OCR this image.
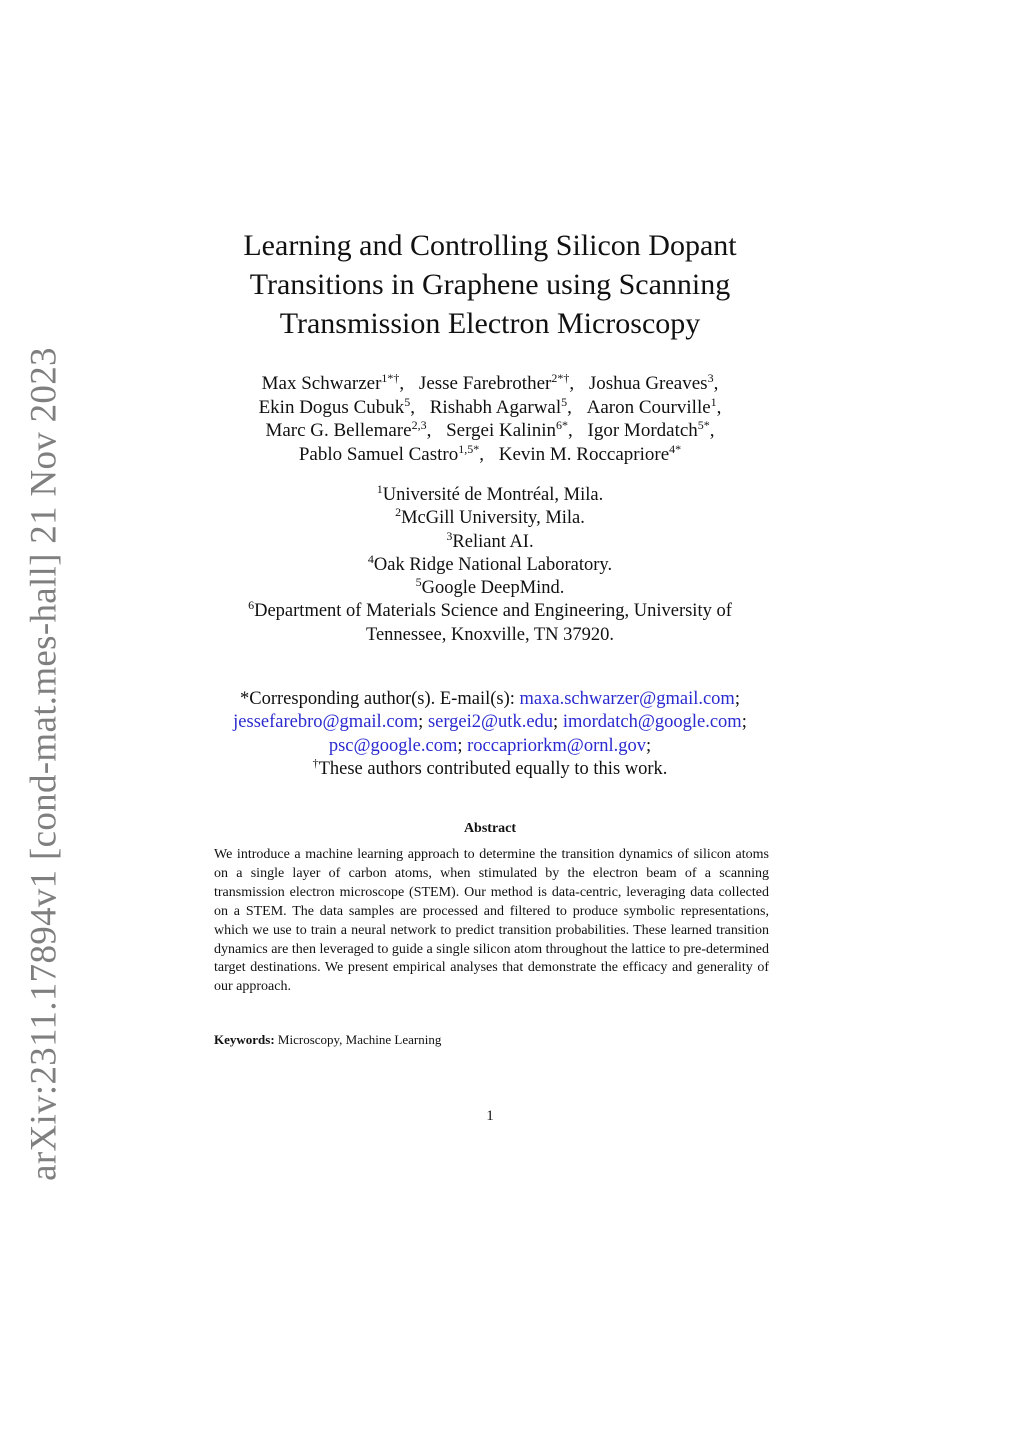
arXiv:2311.17894v1 [cond-mat.mes-hall] 21 Nov 2023
Learning and Controlling Silicon Dopant
Transitions in Graphene using Scanning
Transmission Electron Microscopy
Max Schwarzer$^{1*\dagger}$, Jesse Farebrother$^{2*\dagger}$, Joshua Greaves$^3$,
Ekin Dogus Cubuk$^5$, Rishabh Agarwal$^5$, Aaron Courville$^1$,
Marc G. Bellemare$^{2,3}$, Sergei Kalinin$^{6*}$, Igor Mordatch$^{5*}$,
Pablo Samuel Castro$^{1,5*}$, Kevin M. Roccapriore$^{4*}$
$^1$Université de Montréal, Mila.
$^2$McGill University, Mila.
$^3$Reliant AI.
$^4$Oak Ridge National Laboratory.
$^5$Google DeepMind.
$^6$Department of Materials Science and Engineering, University of
Tennessee, Knoxville, TN 37920.
*Corresponding author(s). E-mail(s): maxa.schwarzer@gmail.com;
jessefarebro@gmail.com; sergei2@utk.edu; imordatch@google.com;
psc@google.com; roccapriorkm@ornl.gov;
†These authors contributed equally to this work.
Abstract

We introduce a machine learning approach to determine the transition dynamics of silicon atoms on a single layer of carbon atoms, when stimulated by the electron beam of a scanning transmission electron microscope (STEM). Our method is data-centric, leveraging data collected on a STEM. The data samples are processed and filtered to produce symbolic representations, which we use to train a neural network to predict transition probabilities. These learned transition dynamics are then leveraged to guide a single silicon atom throughout the lattice to pre-determined target destinations. We present empirical analyses that demonstrate the efficacy and generality of our approach.

Keywords: Microscopy, Machine Learning
1
